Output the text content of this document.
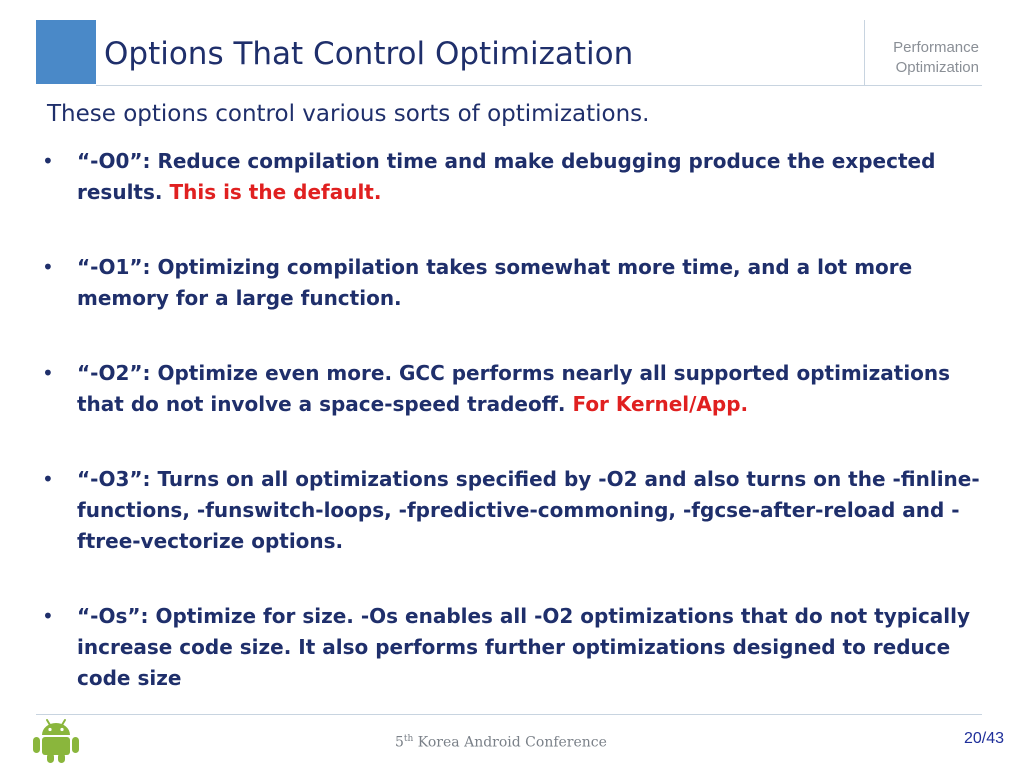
Options That Control Optimization	Performance
Optimization
These options control various sorts of optimizations.
• “-O0”: Reduce compilation time and make debugging produce the expected results. This is the default.
• “-O1”: Optimizing compilation takes somewhat more time, and a lot more memory for a large function.
• “-O2”: Optimize even more. GCC performs nearly all supported optimizations that do not involve a space-speed tradeoff. For Kernel/App.
• “-O3”: Turns on all optimizations specified by -O2 and also turns on the -finline-functions, -funswitch-loops, -fpredictive-commoning, -fgcse-after-reload and -ftree-vectorize options.
• “-Os”: Optimize for size. -Os enables all -O2 optimizations that do not typically increase code size. It also performs further optimizations designed to reduce code size
5th Korea Android Conference	20/43
